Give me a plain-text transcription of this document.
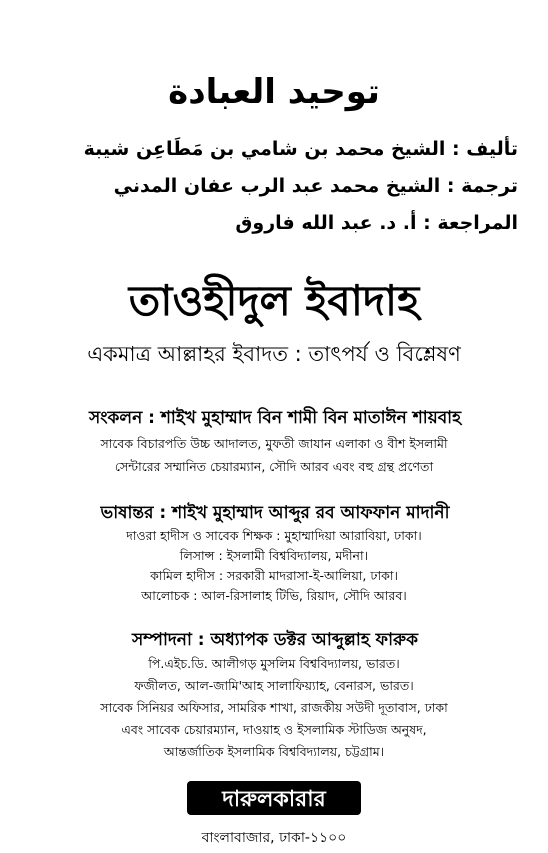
توحيد العبادة
تأليف : الشيخ محمد بن شامي بن مَطَاعِن شيبة
ترجمة : الشيخ محمد عبد الرب عفان المدني
المراجعة : أ. د. عبد الله فاروق
তাওহীদুল ইবাদাহ
একমাত্র আল্লাহর ইবাদত : তাৎপর্য ও বিশ্লেষণ
সংকলন : শাইখ মুহাম্মাদ বিন শামী বিন মাতাঈন শায়বাহ
সাবেক বিচারপতি উচ্চ আদালত, মুফতী জাযান এলাকা ও বীশ ইসলামী
সেন্টারের সম্মানিত চেয়ারম্যান, সৌদি আরব এবং বহু গ্রন্থ প্রণেতা
ভাষান্তর : শাইখ মুহাম্মাদ আব্দুর রব আফফান মাদানী
দাওরা হাদীস ও সাবেক শিক্ষক : মুহাম্মাদিয়া আরাবিয়া, ঢাকা।
লিসান্স : ইসলামী বিশ্ববিদ্যালয়, মদীনা।
কামিল হাদীস : সরকারী মাদরাসা-ই-আলিয়া, ঢাকা।
আলোচক : আল-রিসালাহ টিভি, রিয়াদ, সৌদি আরব।
সম্পাদনা : অধ্যাপক ডক্টর আব্দুল্লাহ ফারুক
পি.এইচ.ডি. আলীগড় মুসলিম বিশ্ববিদ্যালয়, ভারত।
ফজীলত, আল-জামি'আহ সালাফিয়্যাহ, বেনারস, ভারত।
সাবেক সিনিয়র অফিসার, সামরিক শাখা, রাজকীয় সউদী দূতাবাস, ঢাকা
এবং সাবেক চেয়ারম্যান, দাওয়াহ ও ইসলামিক স্টাডিজ অনুষদ,
আন্তর্জাতিক ইসলামিক বিশ্ববিদ্যালয়, চট্টগ্রাম।
দারুলকারার
বাংলাবাজার, ঢাকা-১১০০
